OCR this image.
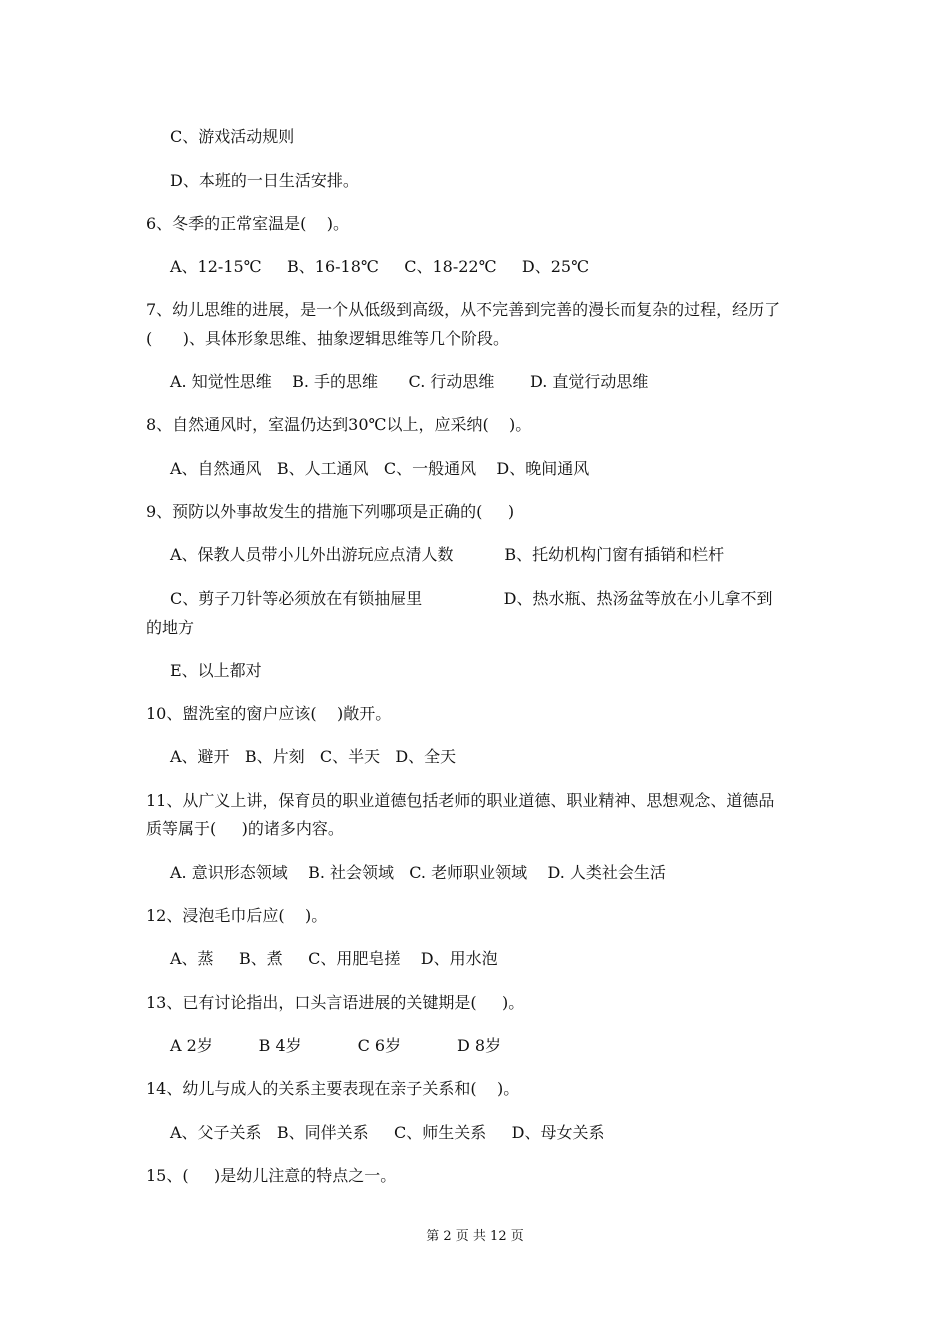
C、游戏活动规则
D、本班的一日生活安排。
6、冬季的正常室温是(    )。
A、12-15℃     B、16-18℃     C、18-22℃     D、25℃
7、幼儿思维的进展，是一个从低级到高级，从不完善到完善的漫长而复杂的过程，经历了
(      )、具体形象思维、抽象逻辑思维等几个阶段。
A. 知觉性思维    B. 手的思维      C. 行动思维       D. 直觉行动思维
8、自然通风时，室温仍达到30℃以上，应采纳(    )。
A、自然通风   B、人工通风   C、一般通风    D、晚间通风
9、预防以外事故发生的措施下列哪项是正确的(     )
A、保教人员带小儿外出游玩应点清人数          B、托幼机构门窗有插销和栏杆
C、剪子刀针等必须放在有锁抽屉里                D、热水瓶、热汤盆等放在小儿拿不到
的地方
E、以上都对
10、盥洗室的窗户应该(    )敞开。
A、避开   B、片刻   C、半天   D、全天
11、从广义上讲，保育员的职业道德包括老师的职业道德、职业精神、思想观念、道德品
质等属于(     )的诸多内容。
A. 意识形态领域    B. 社会领域   C. 老师职业领域    D. 人类社会生活
12、浸泡毛巾后应(    )。
A、蒸     B、煮     C、用肥皂搓    D、用水泡
13、已有讨论指出，口头言语进展的关键期是(     )。
A 2岁         B 4岁           C 6岁           D 8岁
14、幼儿与成人的关系主要表现在亲子关系和(    )。
A、父子关系   B、同伴关系     C、师生关系     D、母女关系
15、(     )是幼儿注意的特点之一。
第 2 页 共 12 页
